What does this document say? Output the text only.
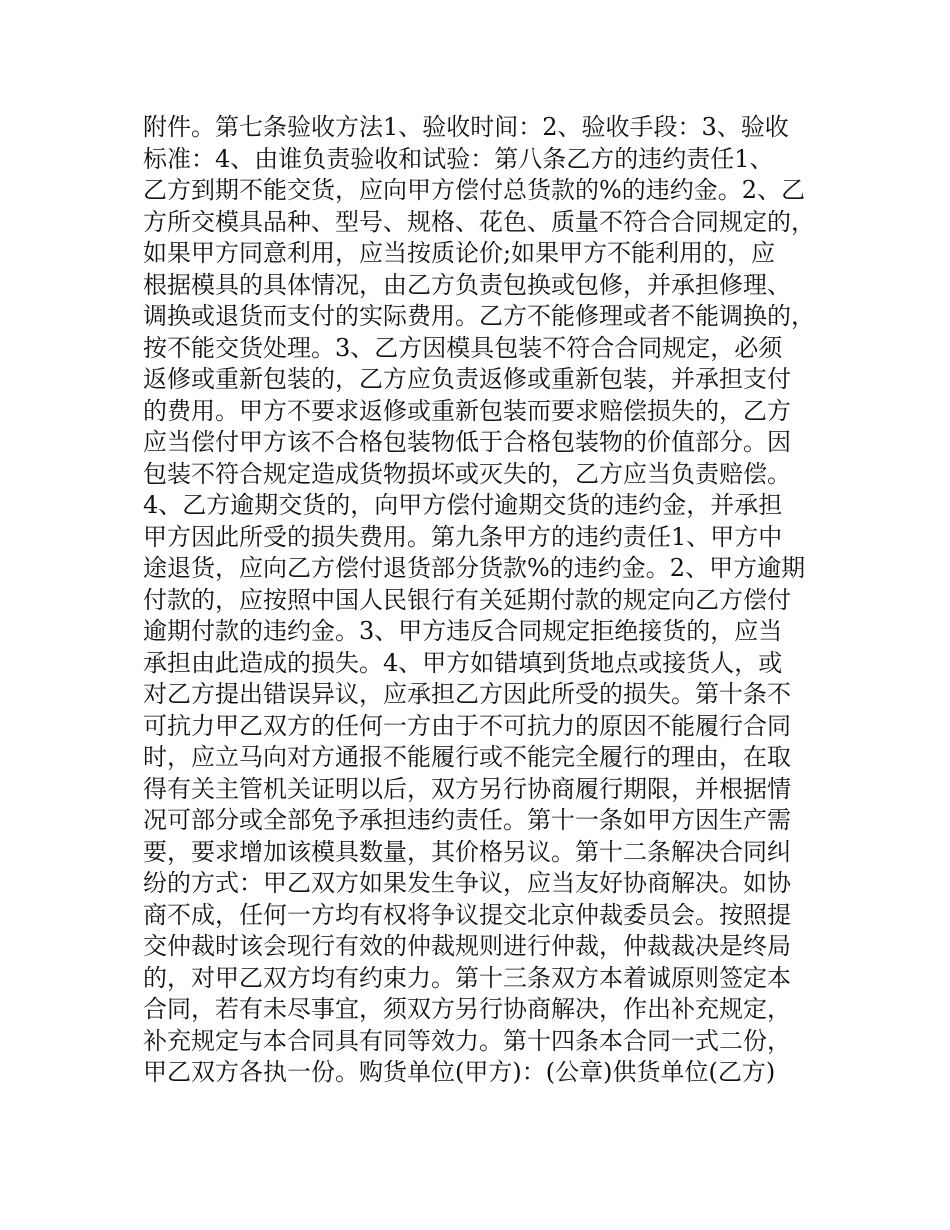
附件。第七条验收方法1、验收时间：2、验收手段：3、验收
标准：4、由谁负责验收和试验：第八条乙方的违约责任1、
乙方到期不能交货，应向甲方偿付总货款的%的违约金。2、乙
方所交模具品种、型号、规格、花色、质量不符合合同规定的，
如果甲方同意利用，应当按质论价;如果甲方不能利用的，应
根据模具的具体情况，由乙方负责包换或包修，并承担修理、
调换或退货而支付的实际费用。乙方不能修理或者不能调换的，
按不能交货处理。3、乙方因模具包装不符合合同规定，必须
返修或重新包装的，乙方应负责返修或重新包装，并承担支付
的费用。甲方不要求返修或重新包装而要求赔偿损失的，乙方
应当偿付甲方该不合格包装物低于合格包装物的价值部分。因
包装不符合规定造成货物损坏或灭失的，乙方应当负责赔偿。
4、乙方逾期交货的，向甲方偿付逾期交货的违约金，并承担
甲方因此所受的损失费用。第九条甲方的违约责任1、甲方中
途退货，应向乙方偿付退货部分货款%的违约金。2、甲方逾期
付款的，应按照中国人民银行有关延期付款的规定向乙方偿付
逾期付款的违约金。3、甲方违反合同规定拒绝接货的，应当
承担由此造成的损失。4、甲方如错填到货地点或接货人，或
对乙方提出错误异议，应承担乙方因此所受的损失。第十条不
可抗力甲乙双方的任何一方由于不可抗力的原因不能履行合同
时，应立马向对方通报不能履行或不能完全履行的理由，在取
得有关主管机关证明以后，双方另行协商履行期限，并根据情
况可部分或全部免予承担违约责任。第十一条如甲方因生产需
要，要求增加该模具数量，其价格另议。第十二条解决合同纠
纷的方式：甲乙双方如果发生争议，应当友好协商解决。如协
商不成，任何一方均有权将争议提交北京仲裁委员会。按照提
交仲裁时该会现行有效的仲裁规则进行仲裁，仲裁裁决是终局
的，对甲乙双方均有约束力。第十三条双方本着诚原则签定本
合同，若有未尽事宜，须双方另行协商解决，作出补充规定，
补充规定与本合同具有同等效力。第十四条本合同一式二份，
甲乙双方各执一份。购货单位(甲方)：(公章)供货单位(乙方)
